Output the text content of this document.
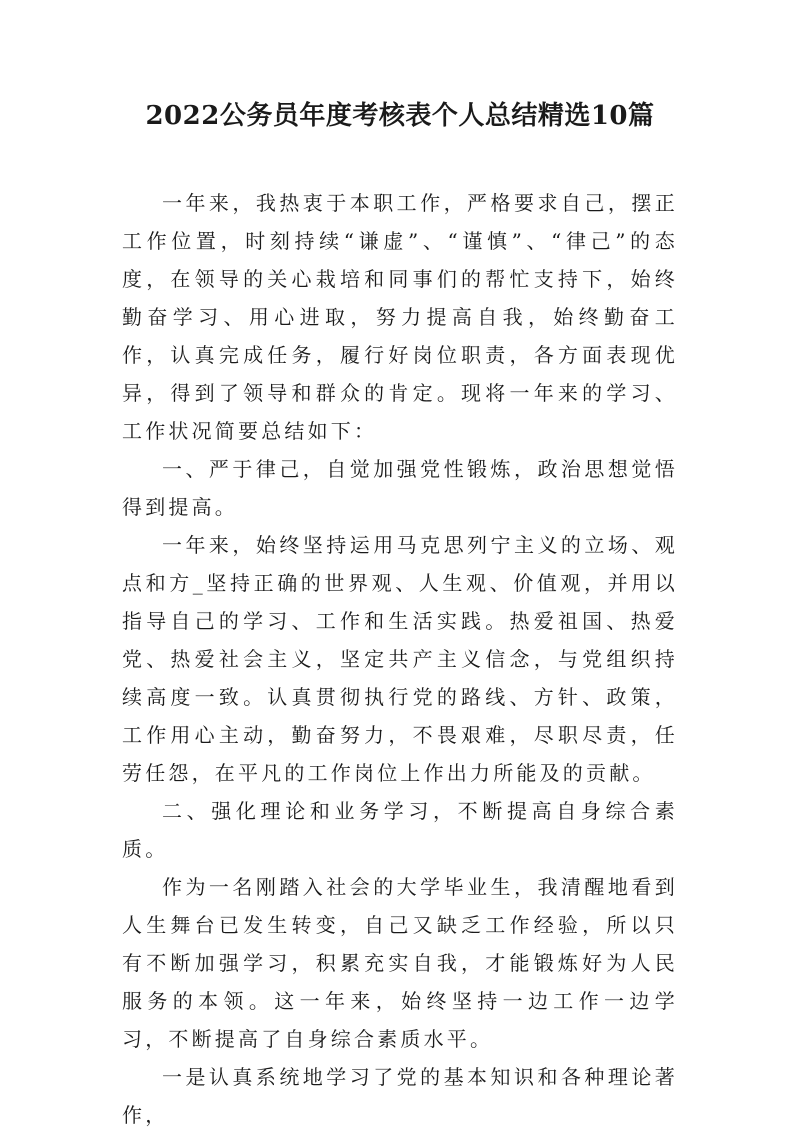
2022公务员年度考核表个人总结精选10篇

一年来，我热衷于本职工作，严格要求自己，摆正工作位置，时刻持续“谦虚”、“谨慎”、“律己”的态度，在领导的关心栽培和同事们的帮忙支持下，始终勤奋学习、用心进取，努力提高自我，始终勤奋工作，认真完成任务，履行好岗位职责，各方面表现优异，得到了领导和群众的肯定。现将一年来的学习、工作状况简要总结如下：

一、严于律己，自觉加强党性锻炼，政治思想觉悟得到提高。

一年来，始终坚持运用马克思列宁主义的立场、观点和方_坚持正确的世界观、人生观、价值观，并用以指导自己的学习、工作和生活实践。热爱祖国、热爱党、热爱社会主义，坚定共产主义信念，与党组织持续高度一致。认真贯彻执行党的路线、方针、政策，工作用心主动，勤奋努力，不畏艰难，尽职尽责，任劳任怨，在平凡的工作岗位上作出力所能及的贡献。

二、强化理论和业务学习，不断提高自身综合素质。

作为一名刚踏入社会的大学毕业生，我清醒地看到人生舞台已发生转变，自己又缺乏工作经验，所以只有不断加强学习，积累充实自我，才能锻炼好为人民服务的本领。这一年来，始终坚持一边工作一边学习，不断提高了自身综合素质水平。

一是认真系统地学习了党的基本知识和各种理论著作，
